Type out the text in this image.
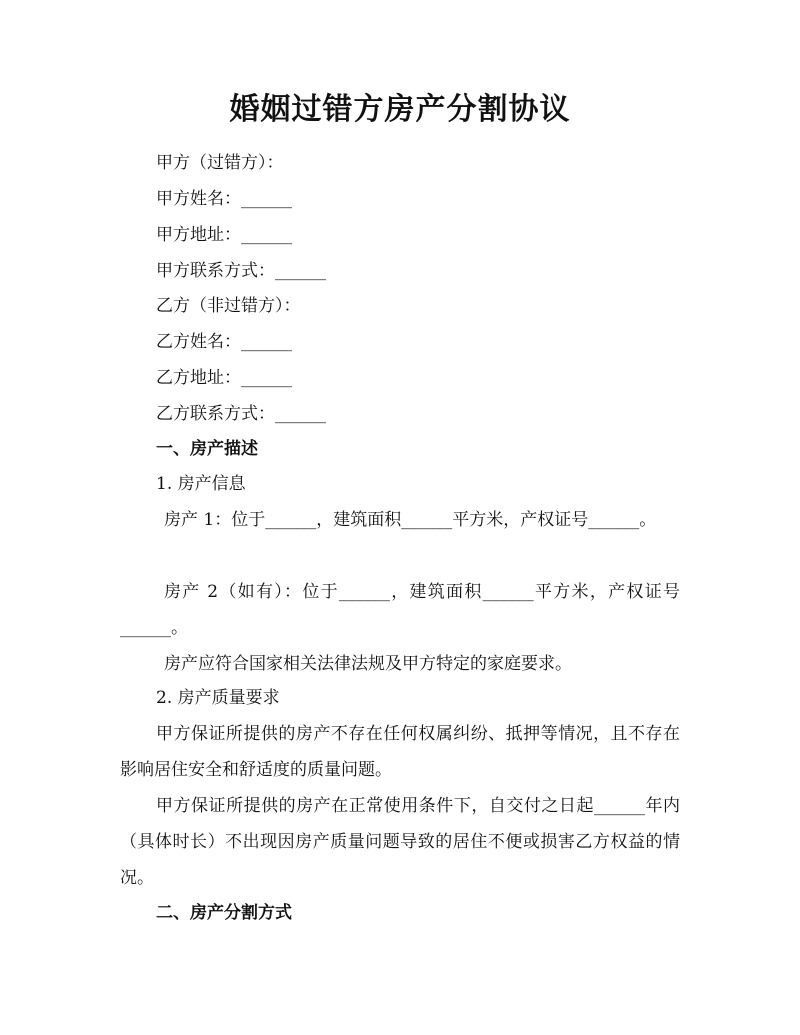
婚姻过错方房产分割协议
甲方（过错方）：
甲方姓名：______
甲方地址：______
甲方联系方式：______
乙方（非过错方）：
乙方姓名：______
乙方地址：______
乙方联系方式：______
一、房产描述
1. 房产信息
房产 1：位于______，建筑面积______平方米，产权证号______。
房产 2（如有）：位于______，建筑面积______平方米，产权证号______。
房产应符合国家相关法律法规及甲方特定的家庭要求。
2. 房产质量要求
甲方保证所提供的房产不存在任何权属纠纷、抵押等情况，且不存在影响居住安全和舒适度的质量问题。
甲方保证所提供的房产在正常使用条件下，自交付之日起______年内（具体时长）不出现因房产质量问题导致的居住不便或损害乙方权益的情况。
二、房产分割方式
